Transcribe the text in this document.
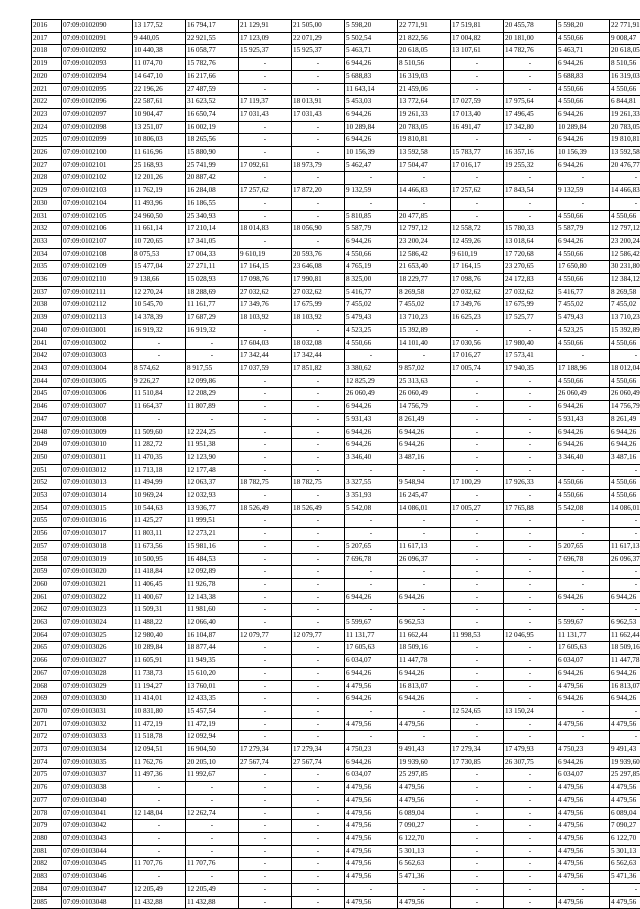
2016	07:09:0102090	13 177,52	16 794,17	21 129,91	21 505,00	5 598,20	22 771,91	17 519,81	20 455,78	5 598,20	22 771,91
2017	07:09:0102091	9 440,05	22 921,55	17 123,09	22 071,29	5 502,54	21 822,56	17 004,82	20 181,00	4 550,66	9 008,47
2018	07:09:0102092	10 440,38	16 058,77	15 925,37	15 925,37	5 463,71	20 618,05	13 107,61	14 782,76	5 463,71	20 618,05
2019	07:09:0102093	11 074,70	15 782,76	-	-	6 944,26	8 510,56	-	-	6 944,26	8 510,56
2020	07:09:0102094	14 647,10	16 217,66	-	-	5 688,83	16 319,03	-	-	5 688,83	16 319,03
2021	07:09:0102095	22 196,26	27 487,59	-	-	11 643,14	21 459,06	-	-	4 550,66	4 550,66
2022	07:09:0102096	22 587,61	31 623,52	17 119,37	18 013,91	5 453,03	13 772,64	17 027,59	17 975,64	4 550,66	6 844,81
2023	07:09:0102097	10 904,47	16 650,74	17 031,43	17 031,43	6 944,26	19 261,33	17 013,40	17 496,45	6 944,26	19 261,33
2024	07:09:0102098	13 251,07	16 002,19	-	-	10 289,84	20 783,05	16 491,47	17 342,80	10 289,84	20 783,05
2025	07:09:0102099	10 806,03	18 265,56	-	-	6 944,26	19 810,81	-	-	6 944,26	19 810,81
2026	07:09:0102100	11 616,96	15 880,90	-	-	10 156,39	13 592,58	15 783,77	16 357,16	10 156,39	13 592,58
2027	07:09:0102101	25 168,93	25 741,99	17 092,61	18 973,79	5 462,47	17 504,47	17 016,17	19 255,32	6 944,26	20 476,77
2028	07:09:0102102	12 201,26	20 887,42	-	-	-	-	-	-	-	-
2029	07:09:0102103	11 762,19	16 284,08	17 257,62	17 872,20	9 132,59	14 466,83	17 257,62	17 843,54	9 132,59	14 466,83
2030	07:09:0102104	11 493,96	16 186,55	-	-	-	-	-	-	-	-
2031	07:09:0102105	24 960,50	25 340,93	-	-	5 810,85	20 477,85	-	-	4 550,66	4 550,66
2032	07:09:0102106	11 661,14	17 210,14	18 014,83	18 056,90	5 587,79	12 797,12	12 558,72	15 780,33	5 587,79	12 797,12
2033	07:09:0102107	10 720,65	17 341,05	-	-	6 944,26	23 200,24	12 459,26	13 018,64	6 944,26	23 200,24
2034	07:09:0102108	8 075,53	17 004,33	9 610,19	20 593,76	4 550,66	12 586,42	9 610,19	17 720,68	4 550,66	12 586,42
2035	07:09:0102109	15 477,04	27 271,11	17 164,15	23 646,08	4 765,19	21 653,40	17 164,15	23 270,65	17 650,80	30 231,80
2036	07:09:0102110	9 138,66	15 028,93	17 098,76	17 990,81	8 325,00	18 229,77	17 098,76	24 172,83	4 550,66	12 384,12
2037	07:09:0102111	12 270,24	18 288,69	27 032,62	27 032,62	5 416,77	8 269,58	27 032,62	27 032,62	5 416,77	8 269,58
2038	07:09:0102112	10 545,70	11 161,77	17 349,76	17 675,99	7 455,02	7 455,02	17 349,76	17 675,99	7 455,02	7 455,02
2039	07:09:0102113	14 378,39	17 687,29	18 103,92	18 103,92	5 479,43	13 710,23	16 625,23	17 525,77	5 479,43	13 710,23
2040	07:09:0103001	16 919,32	16 919,32	-	-	4 523,25	15 392,89	-	-	4 523,25	15 392,89
2041	07:09:0103002	-	-	17 604,03	18 032,08	4 550,66	14 101,40	17 030,56	17 980,40	4 550,66	4 550,66
2042	07:09:0103003	-	-	17 342,44	17 342,44	-	-	17 016,27	17 573,41	-	-
2043	07:09:0103004	8 574,62	8 917,55	17 037,59	17 851,82	3 380,62	9 857,02	17 005,74	17 940,35	17 188,96	18 012,04
2044	07:09:0103005	9 226,27	12 099,86	-	-	12 825,29	25 313,63	-	-	4 550,66	4 550,66
2045	07:09:0103006	11 510,84	12 208,29	-	-	26 060,49	26 060,49	-	-	26 060,49	26 060,49
2046	07:09:0103007	11 664,37	11 807,89	-	-	6 944,26	14 756,79	-	-	6 944,26	14 756,79
2047	07:09:0103008	-	-	-	-	5 931,43	8 261,49	-	-	5 931,43	8 261,49
2048	07:09:0103009	11 509,60	12 224,25	-	-	6 944,26	6 944,26	-	-	6 944,26	6 944,26
2049	07:09:0103010	11 282,72	11 951,38	-	-	6 944,26	6 944,26	-	-	6 944,26	6 944,26
2050	07:09:0103011	11 470,35	12 123,90	-	-	3 346,40	3 487,16	-	-	3 346,40	3 487,16
2051	07:09:0103012	11 713,18	12 177,48	-	-	-	-	-	-	-	-
2052	07:09:0103013	11 494,99	12 063,37	18 782,75	18 782,75	3 327,55	9 548,94	17 100,29	17 926,33	4 550,66	4 550,66
2053	07:09:0103014	10 969,24	12 032,93	-	-	3 351,93	16 245,47	-	-	4 550,66	4 550,66
2054	07:09:0103015	10 544,63	13 936,77	18 526,49	18 526,49	5 542,08	14 086,01	17 005,27	17 765,88	5 542,08	14 086,01
2055	07:09:0103016	11 425,27	11 999,51	-	-	-	-	-	-	-	-
2056	07:09:0103017	11 803,11	12 273,21	-	-	-	-	-	-	-	-
2057	07:09:0103018	11 673,56	15 981,16	-	-	5 207,65	11 617,13	-	-	5 207,65	11 617,13
2058	07:09:0103019	10 500,95	16 484,53	-	-	7 696,78	26 096,37	-	-	7 696,78	26 096,37
2059	07:09:0103020	11 418,84	12 092,89	-	-	-	-	-	-	-	-
2060	07:09:0103021	11 406,45	11 926,78	-	-	-	-	-	-	-	-
2061	07:09:0103022	11 400,67	12 143,38	-	-	6 944,26	6 944,26	-	-	6 944,26	6 944,26
2062	07:09:0103023	11 509,31	11 981,60	-	-	-	-	-	-	-	-
2063	07:09:0103024	11 488,22	12 066,40	-	-	5 599,67	6 962,53	-	-	5 599,67	6 962,53
2064	07:09:0103025	12 980,40	16 104,87	12 079,77	12 079,77	11 131,77	11 662,44	11 998,53	12 046,95	11 131,77	11 662,44
2065	07:09:0103026	10 289,84	18 877,44	-	-	17 605,63	18 509,16	-	-	17 605,63	18 509,16
2066	07:09:0103027	11 605,91	11 949,35	-	-	6 034,07	11 447,78	-	-	6 034,07	11 447,78
2067	07:09:0103028	11 738,73	15 610,20	-	-	6 944,26	6 944,26	-	-	6 944,26	6 944,26
2068	07:09:0103029	11 194,27	13 760,01	-	-	4 479,56	16 813,07	-	-	4 479,56	16 813,07
2069	07:09:0103030	11 414,01	12 433,35	-	-	6 944,26	6 944,26	-	-	6 944,26	6 944,26
2070	07:09:0103031	10 831,80	15 457,54	-	-	-	-	12 524,65	13 150,24	-	-
2071	07:09:0103032	11 472,19	11 472,19	-	-	4 479,56	4 479,56	-	-	4 479,56	4 479,56
2072	07:09:0103033	11 518,78	12 092,94	-	-	-	-	-	-	-	-
2073	07:09:0103034	12 094,51	16 904,50	17 279,34	17 279,34	4 750,23	9 491,43	17 279,34	17 479,93	4 750,23	9 491,43
2074	07:09:0103035	11 762,76	20 205,10	27 567,74	27 567,74	6 944,26	19 939,60	17 730,85	26 307,75	6 944,26	19 939,60
2075	07:09:0103037	11 497,36	11 992,67	-	-	6 034,07	25 297,85	-	-	6 034,07	25 297,85
2076	07:09:0103038	-	-	-	-	4 479,56	4 479,56	-	-	4 479,56	4 479,56
2077	07:09:0103040	-	-	-	-	4 479,56	4 479,56	-	-	4 479,56	4 479,56
2078	07:09:0103041	12 148,04	12 262,74	-	-	4 479,56	6 089,04	-	-	4 479,56	6 089,04
2079	07:09:0103042	-	-	-	-	4 479,56	7 090,27	-	-	4 479,56	7 090,27
2080	07:09:0103043	-	-	-	-	4 479,56	6 122,70	-	-	4 479,56	6 122,70
2081	07:09:0103044	-	-	-	-	4 479,56	5 301,13	-	-	4 479,56	5 301,13
2082	07:09:0103045	11 707,76	11 707,76	-	-	4 479,56	6 562,63	-	-	4 479,56	6 562,63
2083	07:09:0103046	-	-	-	-	4 479,56	5 471,36	-	-	4 479,56	5 471,36
2084	07:09:0103047	12 205,49	12 205,49	-	-	-	-	-	-	-	-
2085	07:09:0103048	11 432,88	11 432,88	-	-	4 479,56	4 479,56	-	-	4 479,56	4 479,56
